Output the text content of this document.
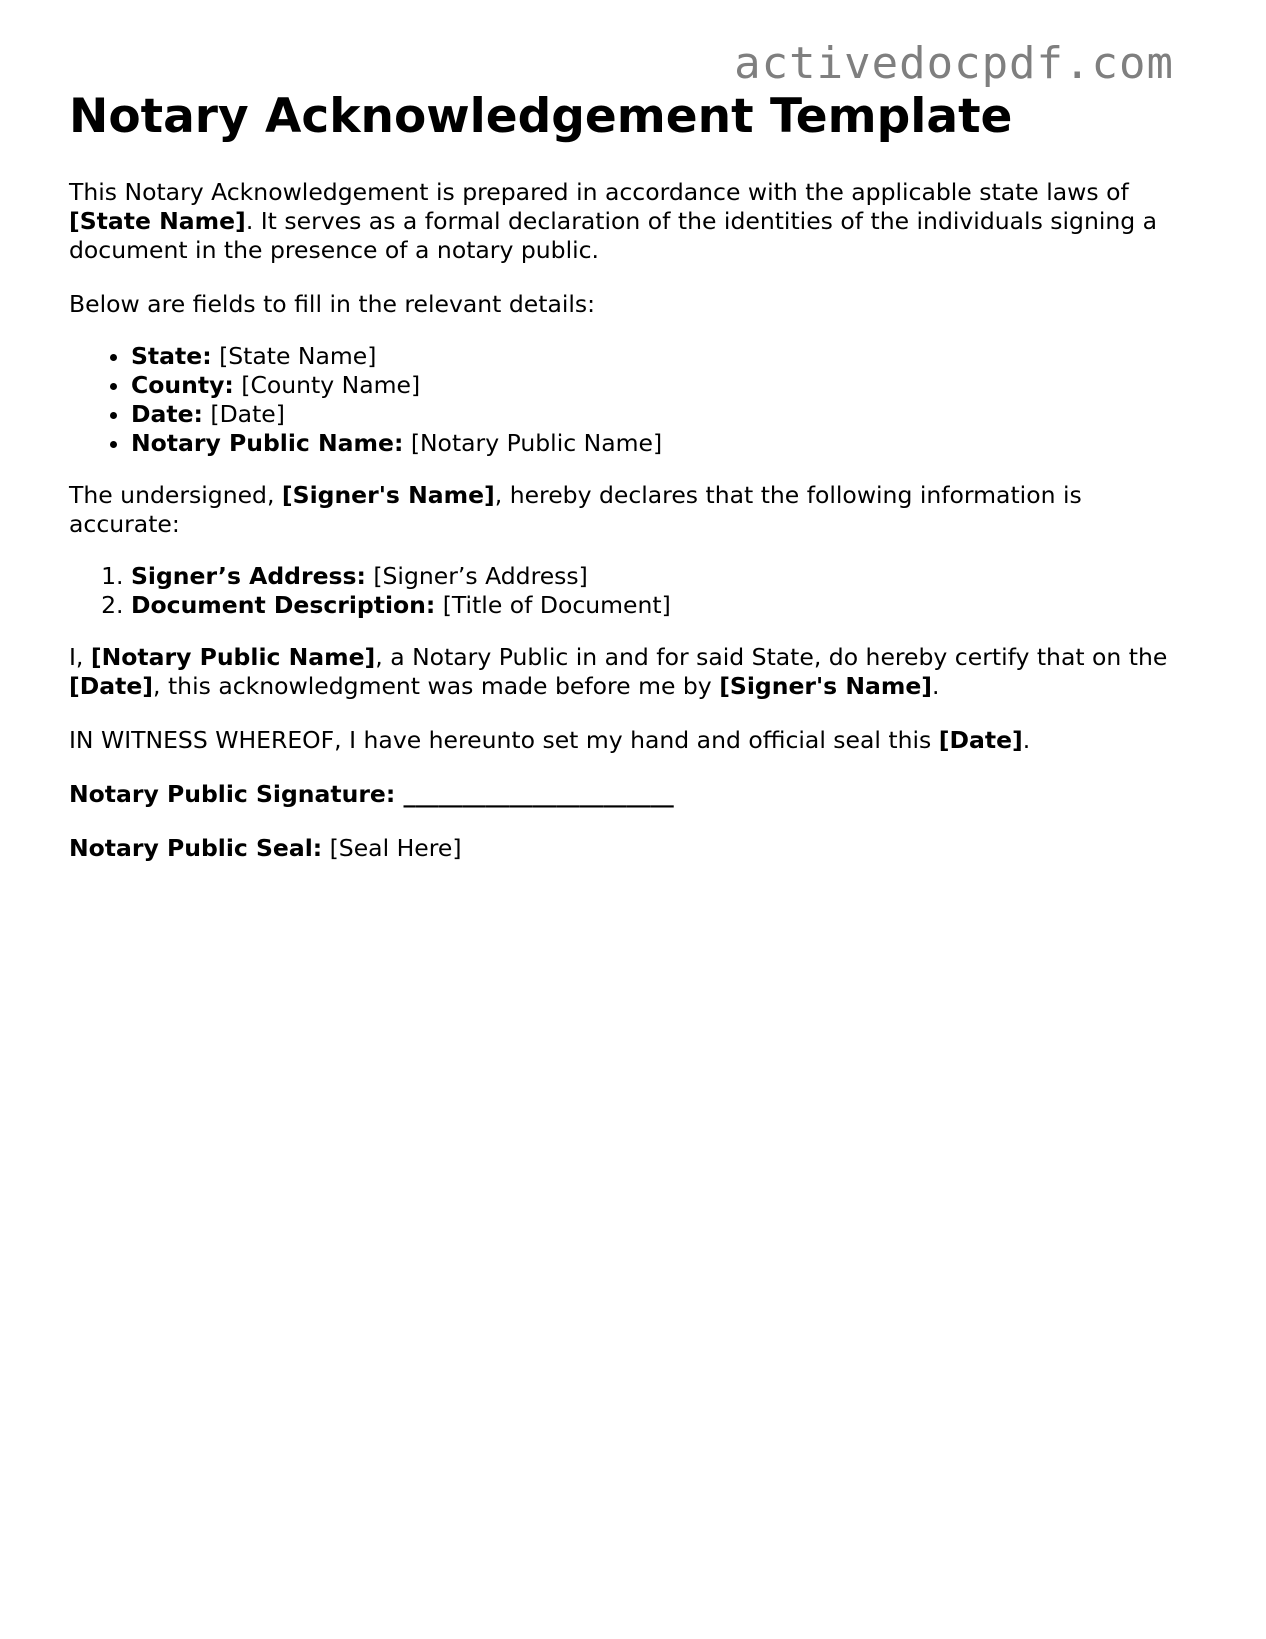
activedocpdf.com
Notary Acknowledgement Template

This Notary Acknowledgement is prepared in accordance with the applicable state laws of [State Name]. It serves as a formal declaration of the identities of the individuals signing a document in the presence of a notary public.

Below are fields to fill in the relevant details:

• State: [State Name]
• County: [County Name]
• Date: [Date]
• Notary Public Name: [Notary Public Name]

The undersigned, [Signer's Name], hereby declares that the following information is accurate:

1. Signer’s Address: [Signer’s Address]
2. Document Description: [Title of Document]

I, [Notary Public Name], a Notary Public in and for said State, do hereby certify that on the [Date], this acknowledgment was made before me by [Signer's Name].

IN WITNESS WHEREOF, I have hereunto set my hand and official seal this [Date].

Notary Public Signature: _______________________

Notary Public Seal: [Seal Here]
